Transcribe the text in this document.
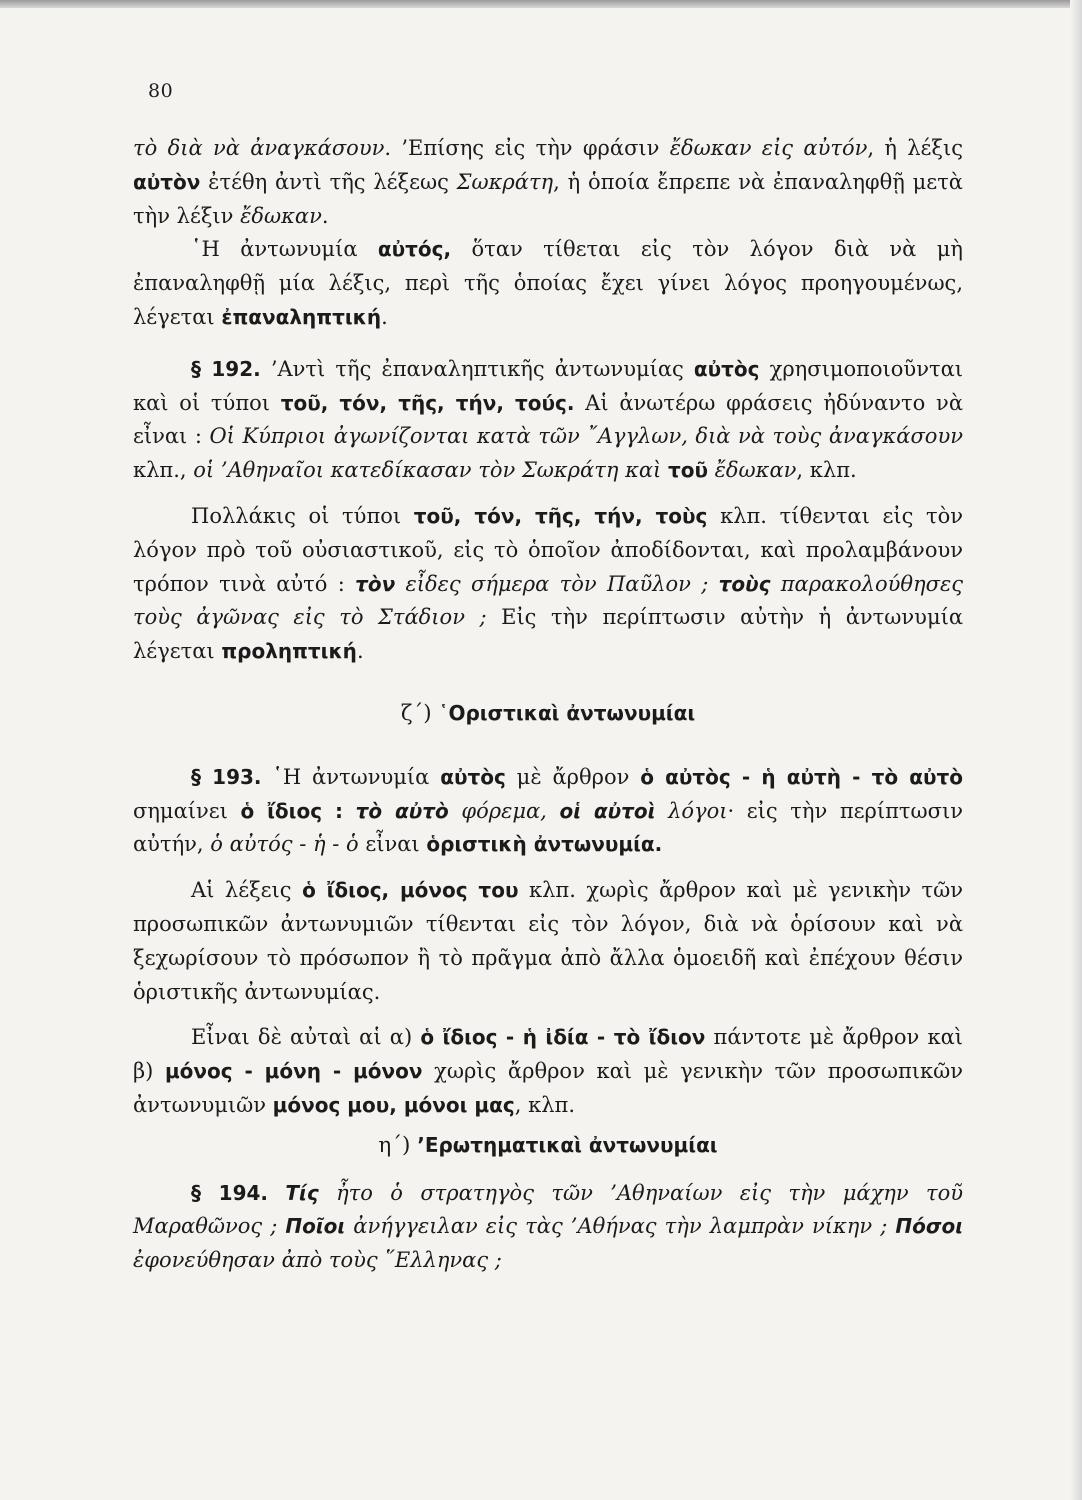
80

τὸ διὰ νὰ ἀναγκάσουν. ’Επίσης εἰς τὴν φράσιν ἔδωκαν εἰς αὐτόν, ἡ λέξις αὐτὸν ἐτέθη ἀντὶ τῆς λέξεως Σωκράτη, ἡ ὁποία ἔπρεπε νὰ ἐπαναληφθῇ μετὰ τὴν λέξιν ἔδωκαν.

῾Η ἀντωνυμία αὐτός, ὅταν τίθεται εἰς τὸν λόγον διὰ νὰ μὴ ἐπαναληφθῇ μία λέξις, περὶ τῆς ὁποίας ἔχει γίνει λόγος προηγουμένως, λέγεται ἐπαναληπτική.

§ 192. ’Αντὶ τῆς ἐπαναληπτικῆς ἀντωνυμίας αὐτὸς χρησιμοποιοῦνται καὶ οἱ τύποι τοῦ, τόν, τῆς, τήν, τούς. Αἱ ἀνωτέρω φράσεις ἠδύναντο νὰ εἶναι : Οἱ Κύπριοι ἀγωνίζονται κατὰ τῶν ῎Αγγλων, διὰ νὰ τοὺς ἀναγκάσουν κλπ., οἱ ’Αθηναῖοι κατεδίκασαν τὸν Σωκράτη καὶ τοῦ ἔδωκαν, κλπ.

Πολλάκις οἱ τύποι τοῦ, τόν, τῆς, τήν, τοὺς κλπ. τίθενται εἰς τὸν λόγον πρὸ τοῦ οὐσιαστικοῦ, εἰς τὸ ὁποῖον ἀποδίδονται, καὶ προλαμβάνουν τρόπον τινὰ αὐτό : τὸν εἶδες σήμερα τὸν Παῦλον ; τοὺς παρακολούθησες τοὺς ἀγῶνας εἰς τὸ Στάδιον ; Εἰς τὴν περίπτωσιν αὐτὴν ἡ ἀντωνυμία λέγεται προληπτική.

ζ΄) ῾Οριστικαὶ ἀντωνυμίαι

§ 193. ῾Η ἀντωνυμία αὐτὸς μὲ ἄρθρον ὁ αὐτὸς - ἡ αὐτὴ - τὸ αὐτὸ σημαίνει ὁ ἴδιος : τὸ αὐτὸ φόρεμα, οἱ αὐτοὶ λόγοι· εἰς τὴν περίπτωσιν αὐτήν, ὁ αὐτός - ἡ - ὁ εἶναι ὁριστικὴ ἀντωνυμία.

Αἱ λέξεις ὁ ἴδιος, μόνος του κλπ. χωρὶς ἄρθρον καὶ μὲ γενικὴν τῶν προσωπικῶν ἀντωνυμιῶν τίθενται εἰς τὸν λόγον, διὰ νὰ ὁρίσουν καὶ νὰ ξεχωρίσουν τὸ πρόσωπον ἢ τὸ πρᾶγμα ἀπὸ ἄλλα ὁμοειδῆ καὶ ἐπέχουν θέσιν ὁριστικῆς ἀντωνυμίας.

Εἶναι δὲ αὐταὶ αἱ α) ὁ ἴδιος - ἡ ἰδία - τὸ ἴδιον πάντοτε μὲ ἄρθρον καὶ β) μόνος - μόνη - μόνον χωρὶς ἄρθρον καὶ μὲ γενικὴν τῶν προσωπικῶν ἀντωνυμιῶν μόνος μου, μόνοι μας, κλπ.

η΄) ’Ερωτηματικαὶ ἀντωνυμίαι

§ 194. Τίς ἦτο ὁ στρατηγὸς τῶν ’Αθηναίων εἰς τὴν μάχην τοῦ Μαραθῶνος ; Ποῖοι ἀνήγγειλαν εἰς τὰς ’Αθήνας τὴν λαμπρὰν νίκην ; Πόσοι ἐφονεύθησαν ἀπὸ τοὺς ῞Ελληνας ;
